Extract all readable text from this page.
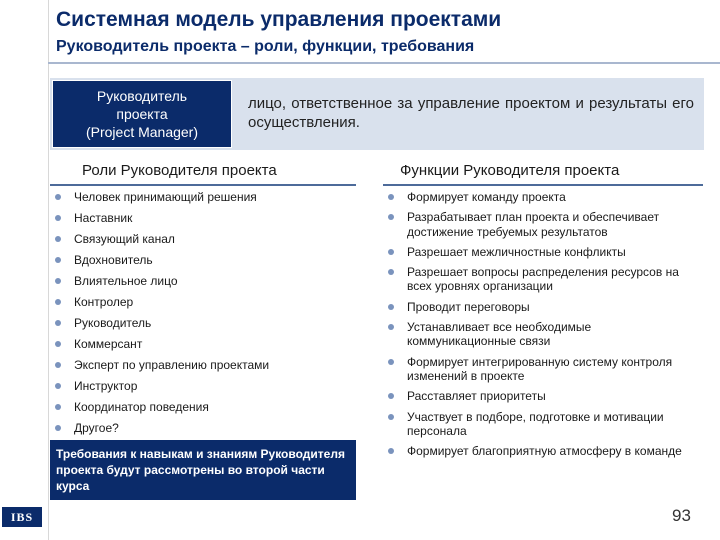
IBS
Системная модель управления проектами
Руководитель проекта – роли, функции, требования
Руководитель
проекта
(Project Manager)
лицо, ответственное за управление проектом и результаты его осуществления.
Роли Руководителя проекта
Человек принимающий решения
Наставник
Связующий канал
Вдохновитель
Влиятельное лицо
Контролер
Руководитель
Коммерсант
Эксперт по управлению проектами
Инструктор
Координатор поведения
Другое?
Требования к навыкам и знаниям Руководителя проекта будут рассмотрены во второй части курса
Функции Руководителя проекта
Формирует команду проекта
Разрабатывает план проекта и обеспечивает достижение требуемых результатов
Разрешает межличностные конфликты
Разрешает вопросы распределения ресурсов на всех уровнях организации
Проводит переговоры
Устанавливает все необходимые коммуникационные связи
Формирует интегрированную систему контроля изменений в проекте
Расставляет приоритеты
Участвует в подборе, подготовке и мотивации персонала
Формирует благоприятную атмосферу в команде
93
